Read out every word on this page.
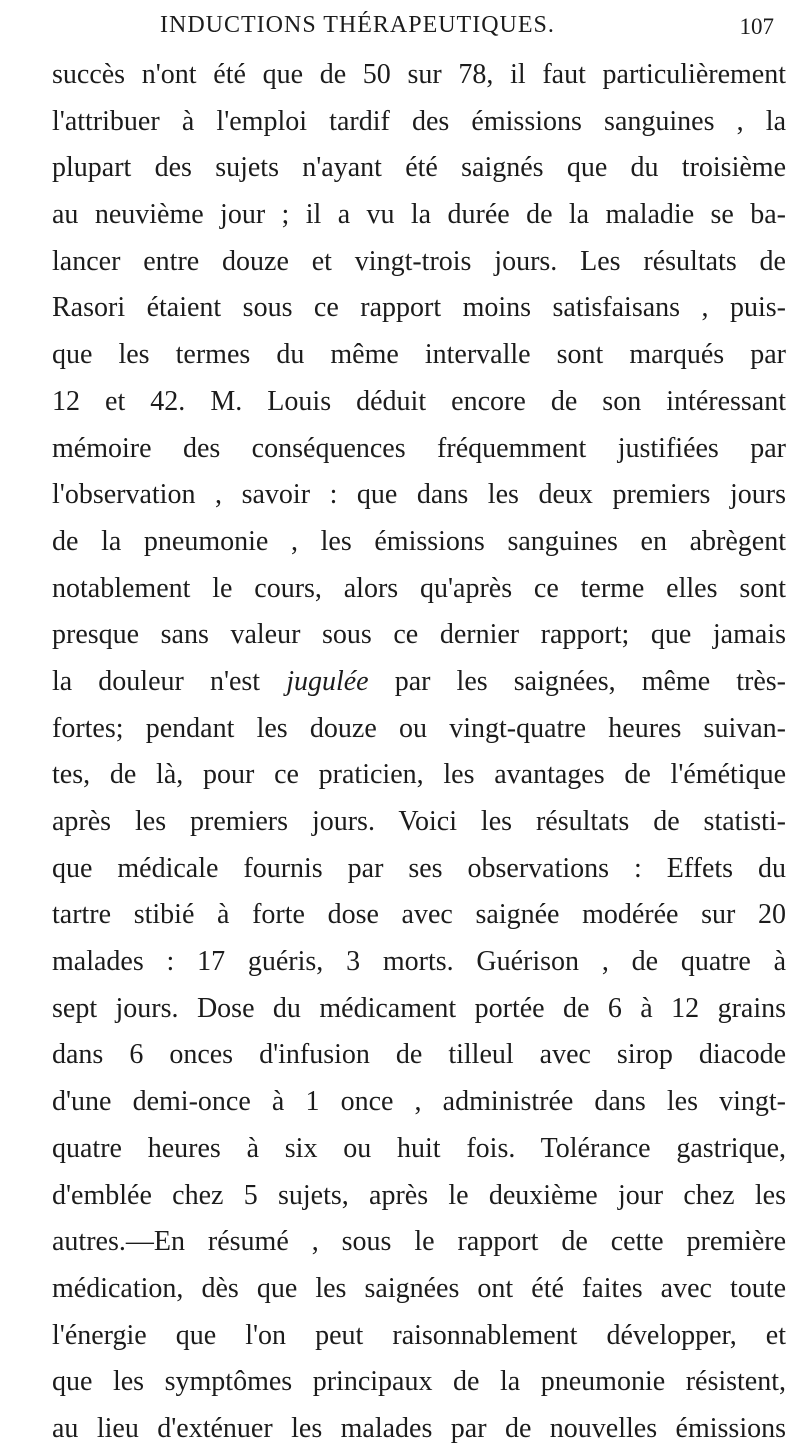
INDUCTIONS THÉRAPEUTIQUES.	107
succès n'ont été que de 50 sur 78, il faut particulièrement
l'attribuer à l'emploi tardif des émissions sanguines , la
plupart des sujets n'ayant été saignés que du troisième
au neuvième jour ; il a vu la durée de la maladie se ba-
lancer entre douze et vingt-trois jours. Les résultats de
Rasori étaient sous ce rapport moins satisfaisans , puis-
que les termes du même intervalle sont marqués par
12 et 42. M. Louis déduit encore de son intéressant
mémoire des conséquences fréquemment justifiées par
l'observation , savoir : que dans les deux premiers jours
de la pneumonie , les émissions sanguines en abrègent
notablement le cours, alors qu'après ce terme elles sont
presque sans valeur sous ce dernier rapport; que jamais
la douleur n'est jugulée par les saignées, même très-
fortes; pendant les douze ou vingt-quatre heures suivan-
tes, de là, pour ce praticien, les avantages de l'émétique
après les premiers jours. Voici les résultats de statisti-
que médicale fournis par ses observations : Effets du
tartre stibié à forte dose avec saignée modérée sur 20
malades : 17 guéris, 3 morts. Guérison , de quatre à
sept jours. Dose du médicament portée de 6 à 12 grains
dans 6 onces d'infusion de tilleul avec sirop diacode
d'une demi-once à 1 once , administrée dans les vingt-
quatre heures à six ou huit fois. Tolérance gastrique,
d'emblée chez 5 sujets, après le deuxième jour chez les
autres.—En résumé , sous le rapport de cette première
médication, dès que les saignées ont été faites avec toute
l'énergie que l'on peut raisonnablement développer, et
que les symptômes principaux de la pneumonie résistent,
au lieu d'exténuer les malades par de nouvelles émissions
